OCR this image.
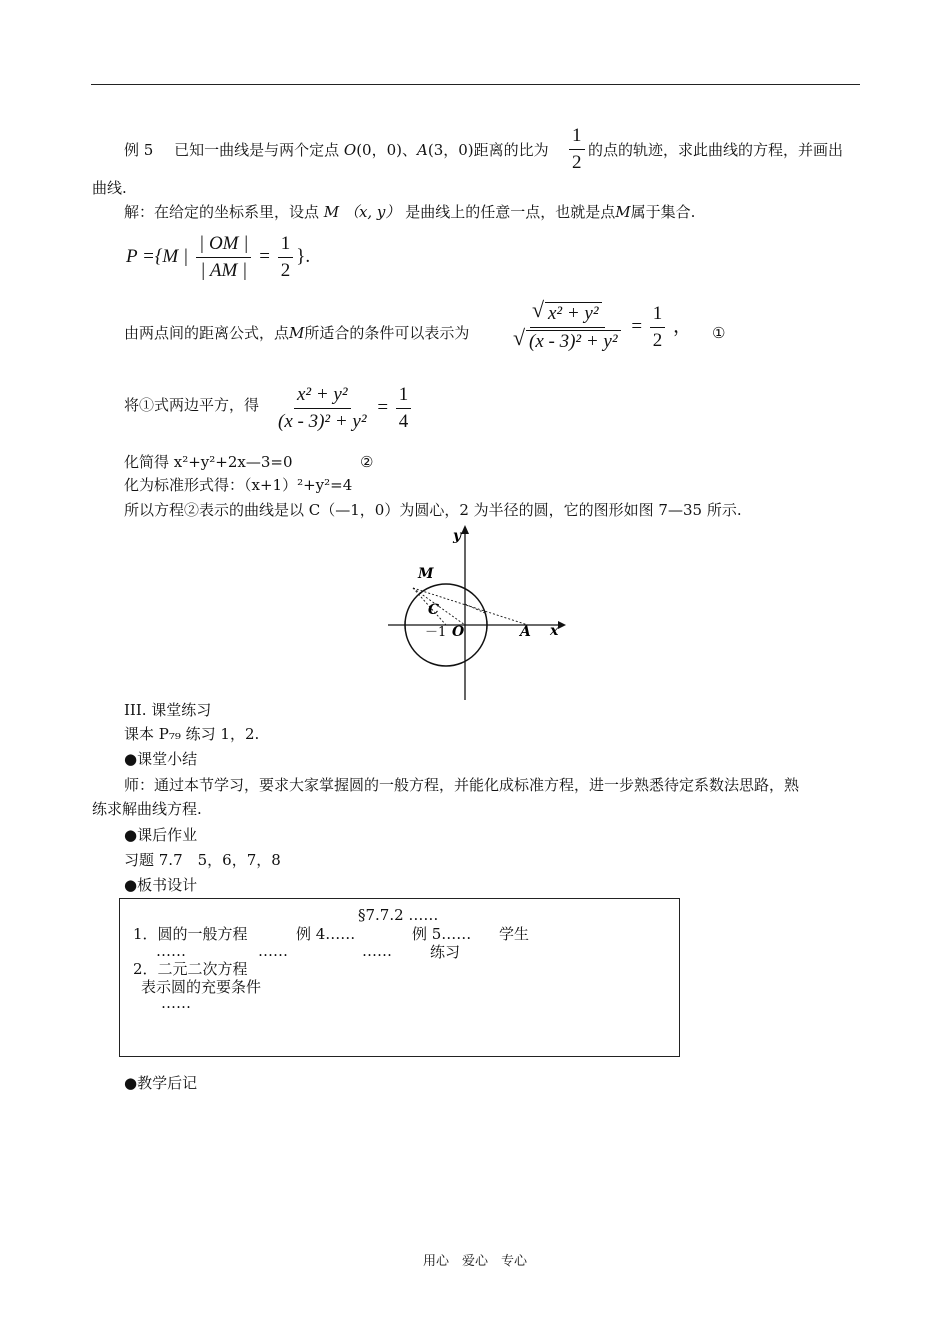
例 5 已知一曲线是与两个定点 O(0，0)、A(3，0)距离的比为 $\frac{1}{2}$ 的点的轨迹，求此曲线的方程，并画出
曲线.
解：在给定的坐标系里，设点 M （x, y） 是曲线上的任意一点，也就是点M属于集合.
P ={M | $\frac{| OM |}{| AM |} = \frac{1}{2}$ }.
由两点间的距离公式，点M所适合的条件可以表示为
√ x² + y²
√ $(x - 3)^2 + y^2 = \frac{1}{2}$ ， ①
将①式两边平方，得 $\frac{\text{x² + y²}}{\text{(x - 3)² + y²}} = \frac{1}{4}$
化简得 x²+y²+2x—3=0	②
化为标准形式得：（x+1）²+y²=4
所以方程②表示的曲线是以 C（—1，0）为圆心，2 为半径的圆，它的图形如图 7—35 所示.
y
x
M
C
O	A
－1
III. 课堂练习
课本 P₇₉ 练习 1，2.
●课堂小结
师：通过本节学习，要求大家掌握圆的一般方程，并能化成标准方程，进一步熟悉待定系数法思路，熟
练求解曲线方程.
●课后作业
习题 7.7　5，6，7，8
●板书设计
§7.7.2 ……
1．圆的一般方程	例 4……	例 5…… 学生
……	……	……	练习
2．二元二次方程
表示圆的充要条件
……
●教学后记
用心　爱心　专心
